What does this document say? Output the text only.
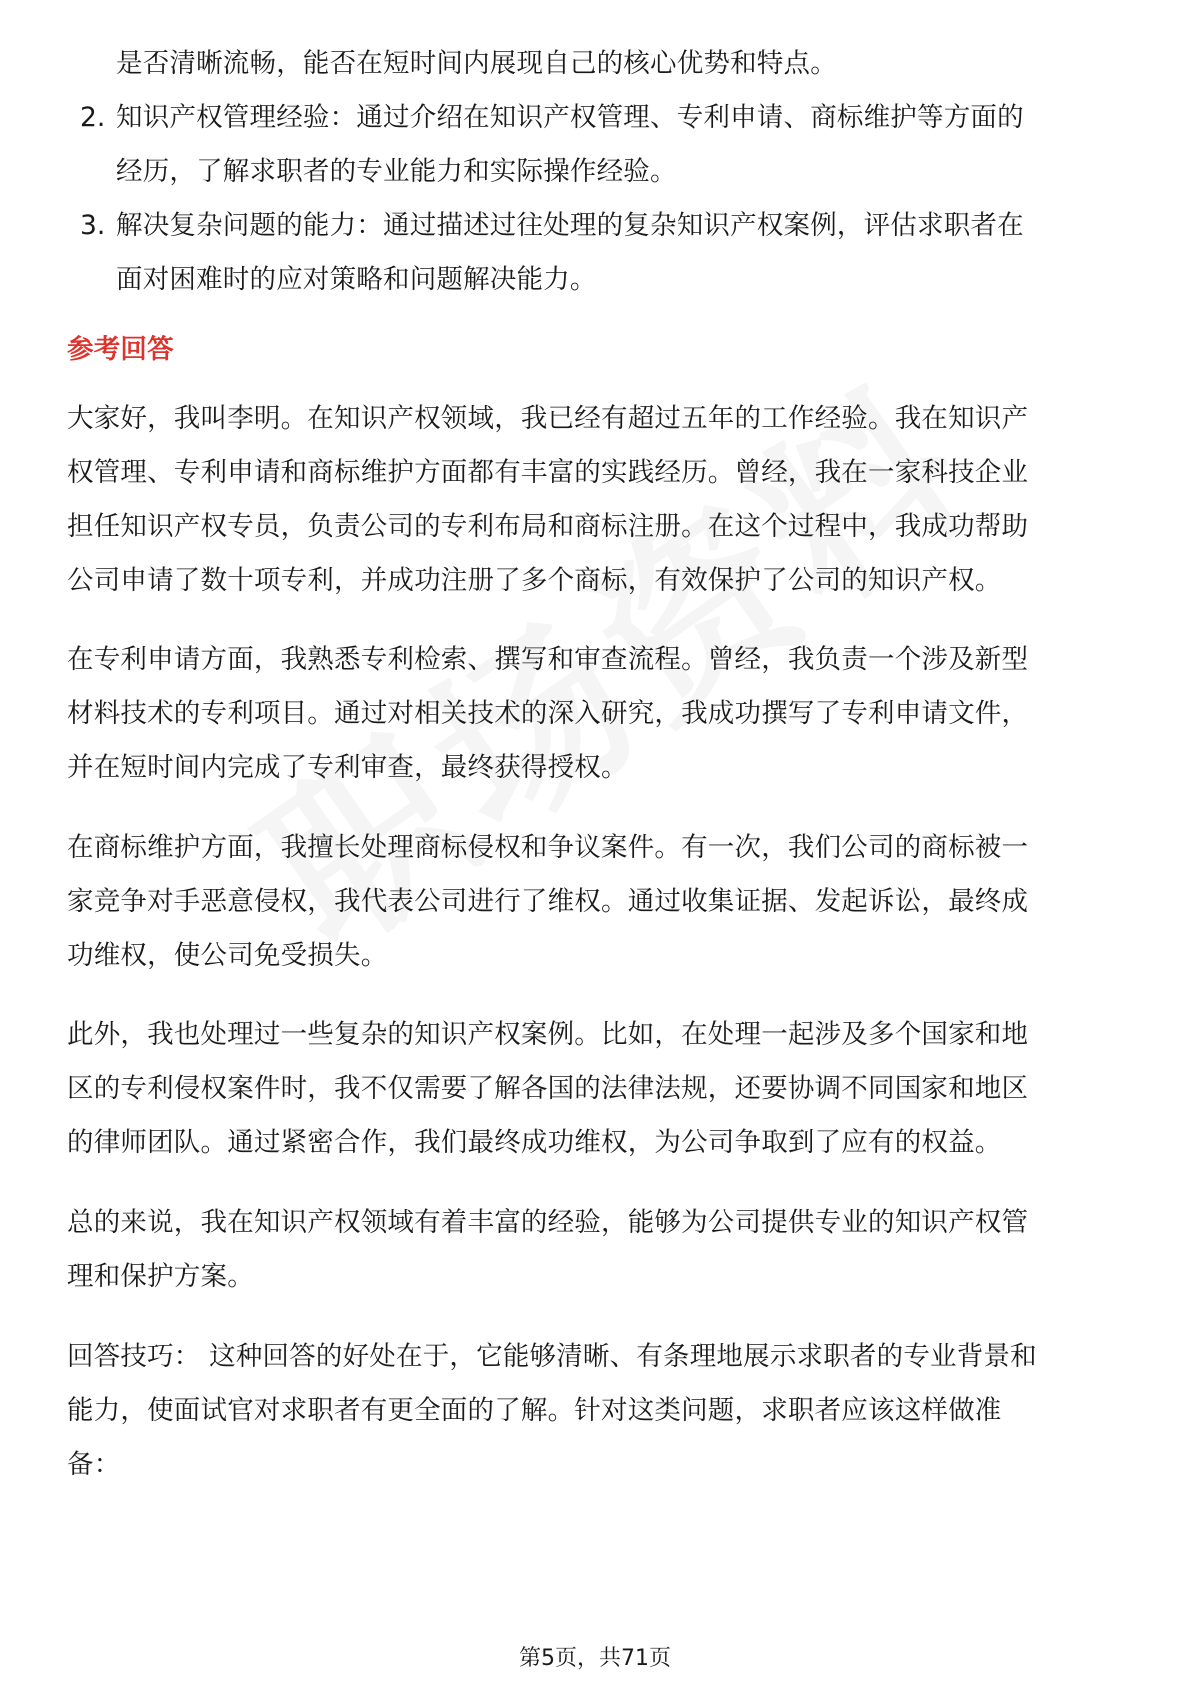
是否清晰流畅，能否在短时间内展现自己的核心优势和特点。
2. 知识产权管理经验：通过介绍在知识产权管理、专利申请、商标维护等方面的
经历，了解求职者的专业能力和实际操作经验。
3. 解决复杂问题的能力：通过描述过往处理的复杂知识产权案例，评估求职者在
面对困难时的应对策略和问题解决能力。
参考回答
大家好，我叫李明。在知识产权领域，我已经有超过五年的工作经验。我在知识产
权管理、专利申请和商标维护方面都有丰富的实践经历。曾经，我在一家科技企业
担任知识产权专员，负责公司的专利布局和商标注册。在这个过程中，我成功帮助
公司申请了数十项专利，并成功注册了多个商标，有效保护了公司的知识产权。
在专利申请方面，我熟悉专利检索、撰写和审查流程。曾经，我负责一个涉及新型
材料技术的专利项目。通过对相关技术的深入研究，我成功撰写了专利申请文件，
并在短时间内完成了专利审查，最终获得授权。
在商标维护方面，我擅长处理商标侵权和争议案件。有一次，我们公司的商标被一
家竞争对手恶意侵权，我代表公司进行了维权。通过收集证据、发起诉讼，最终成
功维权，使公司免受损失。
此外，我也处理过一些复杂的知识产权案例。比如，在处理一起涉及多个国家和地
区的专利侵权案件时，我不仅需要了解各国的法律法规，还要协调不同国家和地区
的律师团队。通过紧密合作，我们最终成功维权，为公司争取到了应有的权益。
总的来说，我在知识产权领域有着丰富的经验，能够为公司提供专业的知识产权管
理和保护方案。
回答技巧： 这种回答的好处在于，它能够清晰、有条理地展示求职者的专业背景和
能力，使面试官对求职者有更全面的了解。针对这类问题，求职者应该这样做准
备：
第5页，共71页
